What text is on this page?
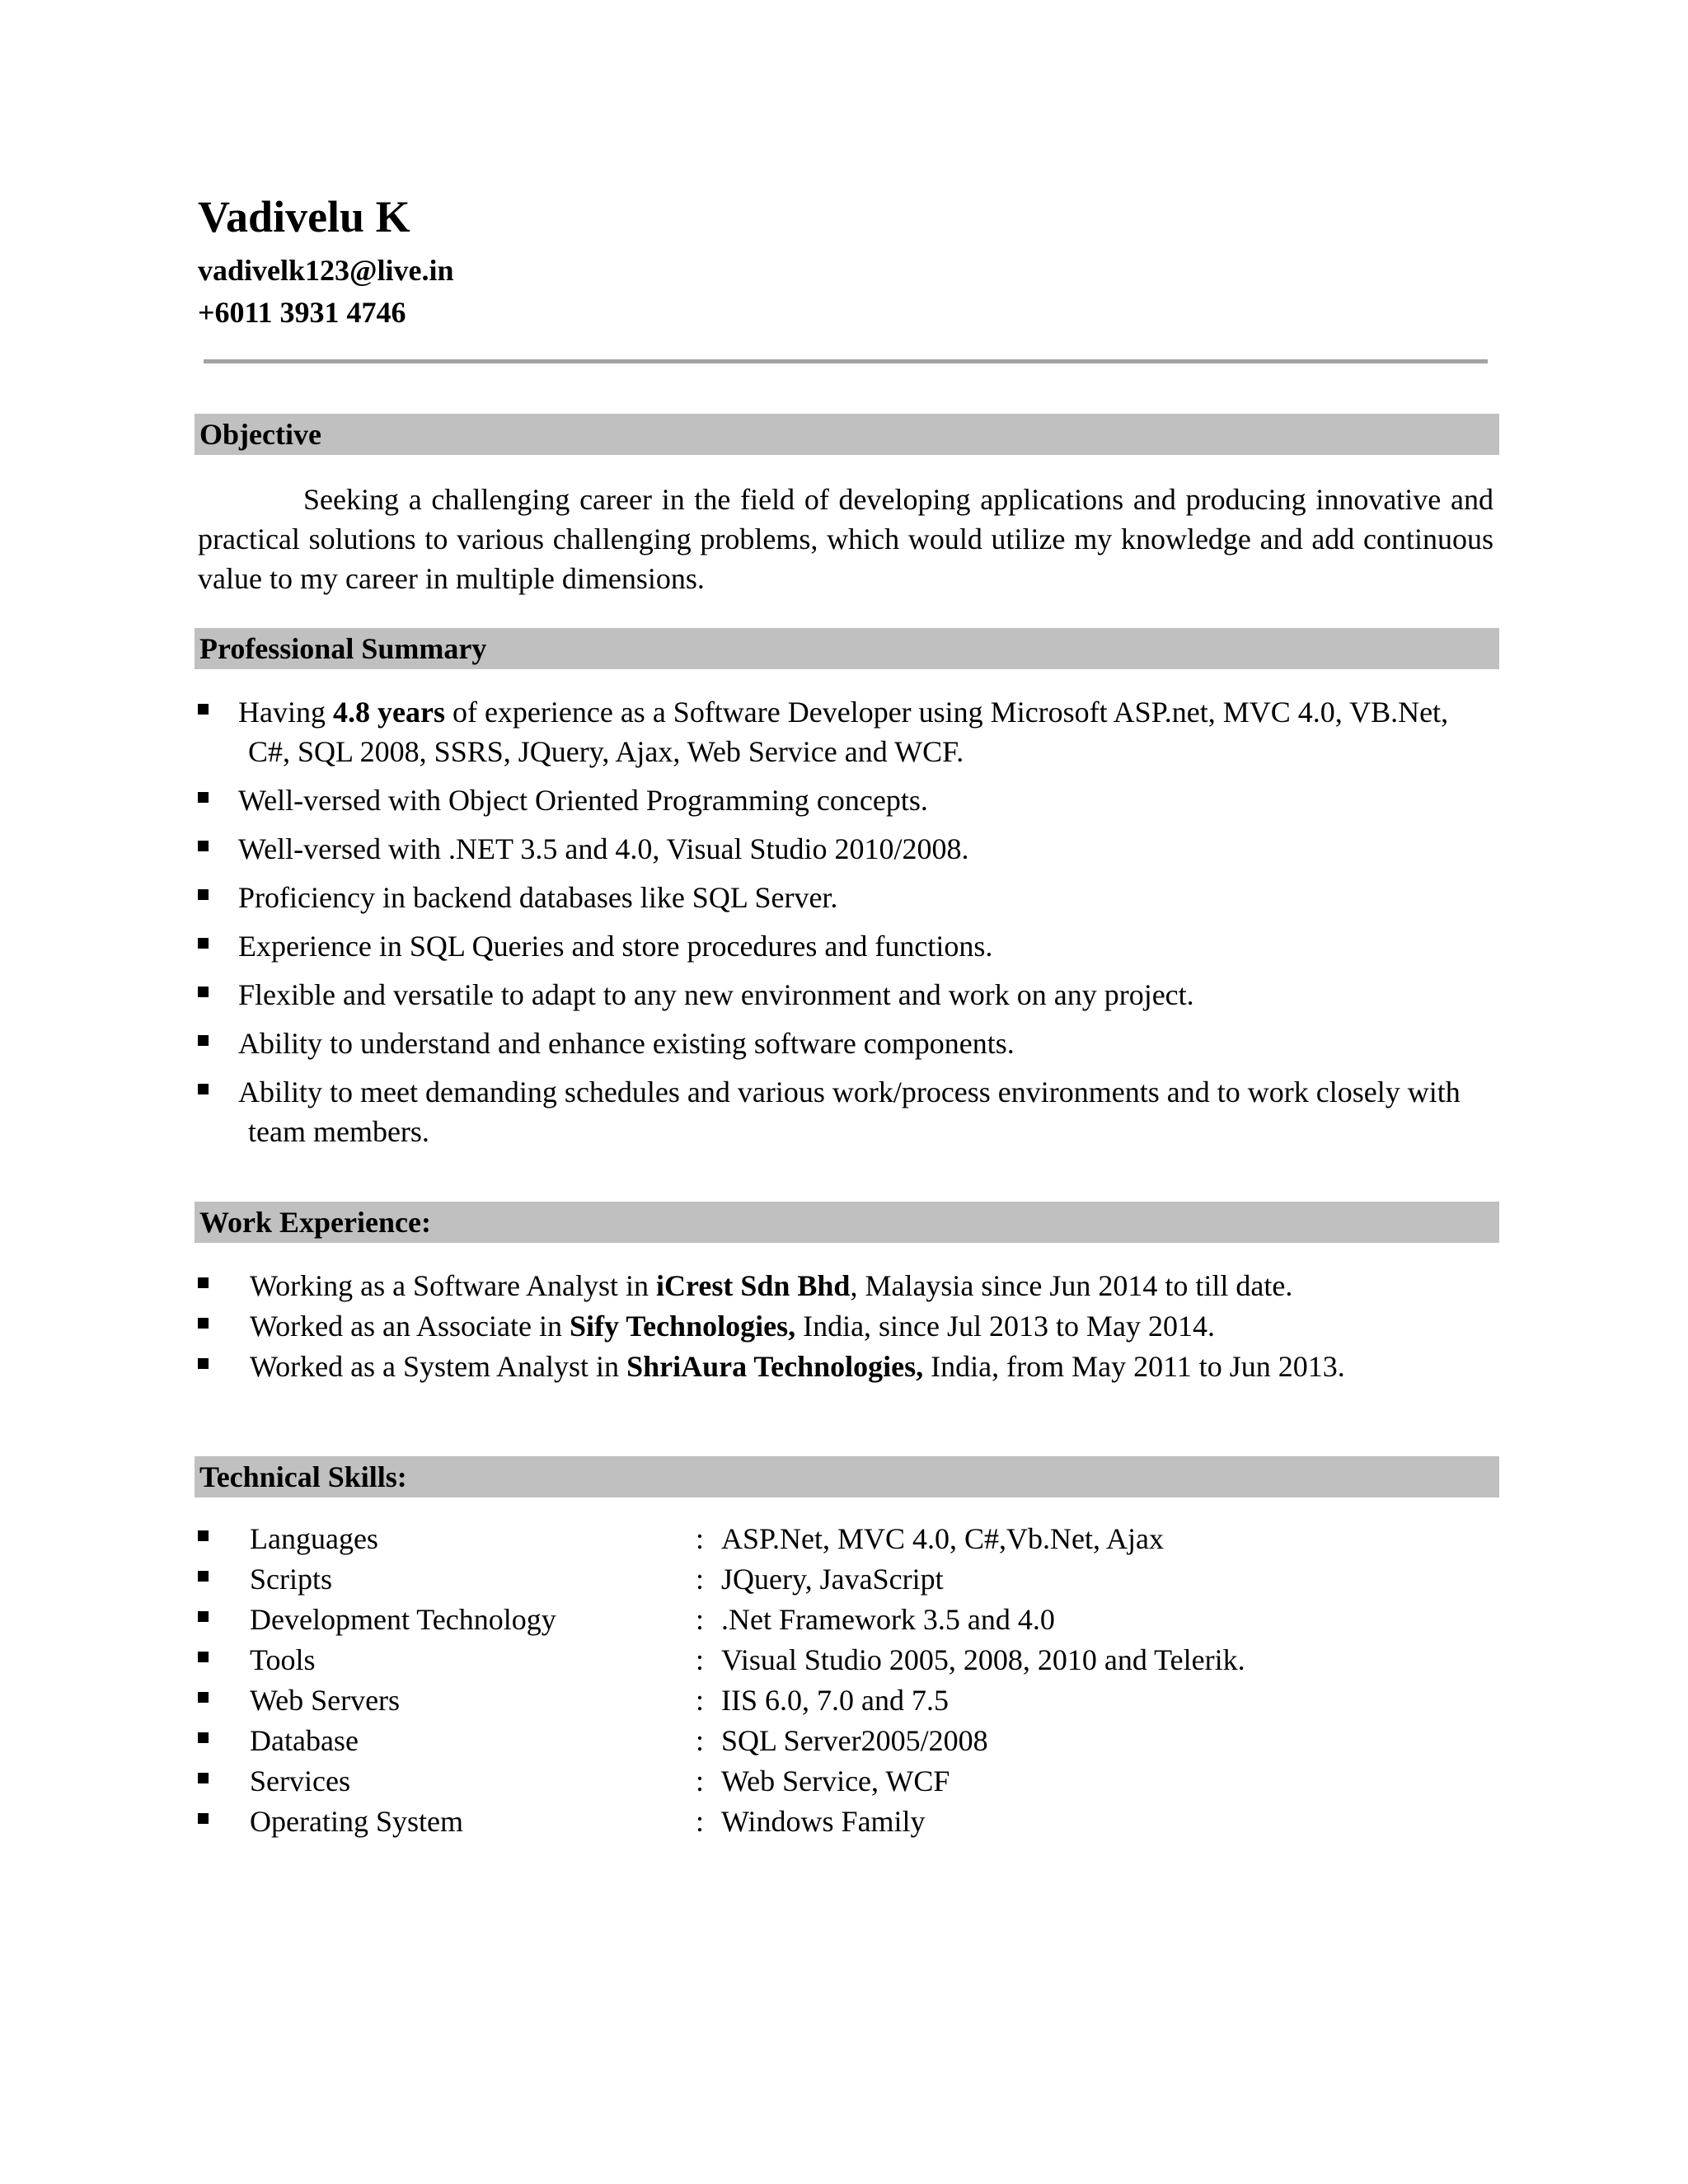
Vadivelu K
vadivelk123@live.in
+6011 3931 4746
Objective

Seeking a challenging career in the field of developing applications and producing innovative and practical solutions to various challenging problems, which would utilize my knowledge and add continuous value to my career in multiple dimensions.

Professional Summary
Having 4.8 years of experience as a Software Developer using Microsoft ASP.net, MVC 4.0, VB.Net,
C#, SQL 2008, SSRS, JQuery, Ajax, Web Service and WCF.
Well-versed with Object Oriented Programming concepts.
Well-versed with .NET 3.5 and 4.0, Visual Studio 2010/2008.
Proficiency in backend databases like SQL Server.
Experience in SQL Queries and store procedures and functions.
Flexible and versatile to adapt to any new environment and work on any project.
Ability to understand and enhance existing software components.
Ability to meet demanding schedules and various work/process environments and to work closely with
team members.
Work Experience:
Working as a Software Analyst in iCrest Sdn Bhd, Malaysia since Jun 2014 to till date.
Worked as an Associate in Sify Technologies, India, since Jul 2013 to May 2014.
Worked as a System Analyst in ShriAura Technologies, India, from May 2011 to Jun 2013.
Technical Skills:
Languages	: ASP.Net, MVC 4.0, C#,Vb.Net, Ajax
Scripts	: JQuery, JavaScript
Development Technology	: .Net Framework 3.5 and 4.0
Tools	: Visual Studio 2005, 2008, 2010 and Telerik.
Web Servers	: IIS 6.0, 7.0 and 7.5
Database	: SQL Server2005/2008
Services	: Web Service, WCF
Operating System	: Windows Family
